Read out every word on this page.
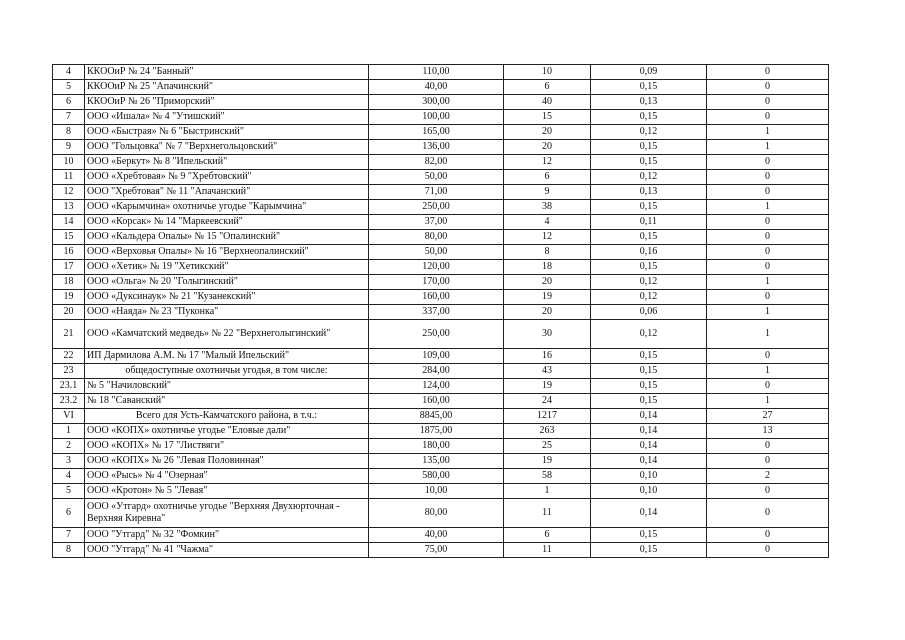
4	ККООиР № 24 "Банный"	110,00	10	0,09	0
5	ККООиР № 25 "Апачинский"	40,00	6	0,15	0
6	ККООиР № 26 "Приморский"	300,00	40	0,13	0
7	ООО «Ишала» № 4 "Утишский"	100,00	15	0,15	0
8	ООО «Быстрая» № 6 "Быстринский"	165,00	20	0,12	1
9	ООО "Гольцовка" № 7 "Верхнегольцовский"	136,00	20	0,15	1
10	ООО «Беркут» № 8 "Ипельский"	82,00	12	0,15	0
11	ООО «Хребтовая» № 9 "Хребтовский"	50,00	6	0,12	0
12	ООО "Хребтовая" № 11 "Апачанский"	71,00	9	0,13	0
13	ООО «Карымчина» охотничье угодье "Карымчина"	250,00	38	0,15	1
14	ООО «Корсак» № 14 "Маркеевский"	37,00	4	0,11	0
15	ООО «Кальдера Опалы» № 15 "Опалинский"	80,00	12	0,15	0
16	ООО «Верховья Опалы» № 16 "Верхнеопалинский"	50,00	8	0,16	0
17	ООО «Хетик» № 19 "Хетикский"	120,00	18	0,15	0
18	ООО «Ольга» № 20 "Голыгинский"	170,00	20	0,12	1
19	ООО «Дуксинаук» № 21 "Кузанекский"	160,00	19	0,12	0
20	ООО «Наяда» № 23 "Пуконка"	337,00	20	0,06	1
21	ООО «Камчатский медведь» № 22 "Верхнеголыгинский"	250,00	30	0,12	1
22	ИП Дармилова А.М. № 17 "Малый Ипельский"	109,00	16	0,15	0
23	общедоступные охотничьи угодья, в том числе:	284,00	43	0,15	1
23.1	№ 5 "Начиловский"	124,00	19	0,15	0
23.2	№ 18 "Саванский"	160,00	24	0,15	1
VI	Всего для Усть-Камчатского района, в т.ч.:	8845,00	1217	0,14	27
1	ООО «КОПХ» охотничье угодье "Еловые дали"	1875,00	263	0,14	13
2	ООО «КОПХ» № 17 "Листвяги"	180,00	25	0,14	0
3	ООО «КОПХ» № 26 "Левая Половинная"	135,00	19	0,14	0
4	ООО «Рысь» № 4 "Озерная"	580,00	58	0,10	2
5	ООО «Кротон» № 5 "Левая"	10,00	1	0,10	0
6	ООО «Утгард» охотничье угодье "Верхняя Двухюрточная - Верхняя Киревна"	80,00	11	0,14	0
7	ООО "Утгард" № 32 "Фомкин"	40,00	6	0,15	0
8	ООО "Утгард" № 41 "Чажма"	75,00	11	0,15	0
